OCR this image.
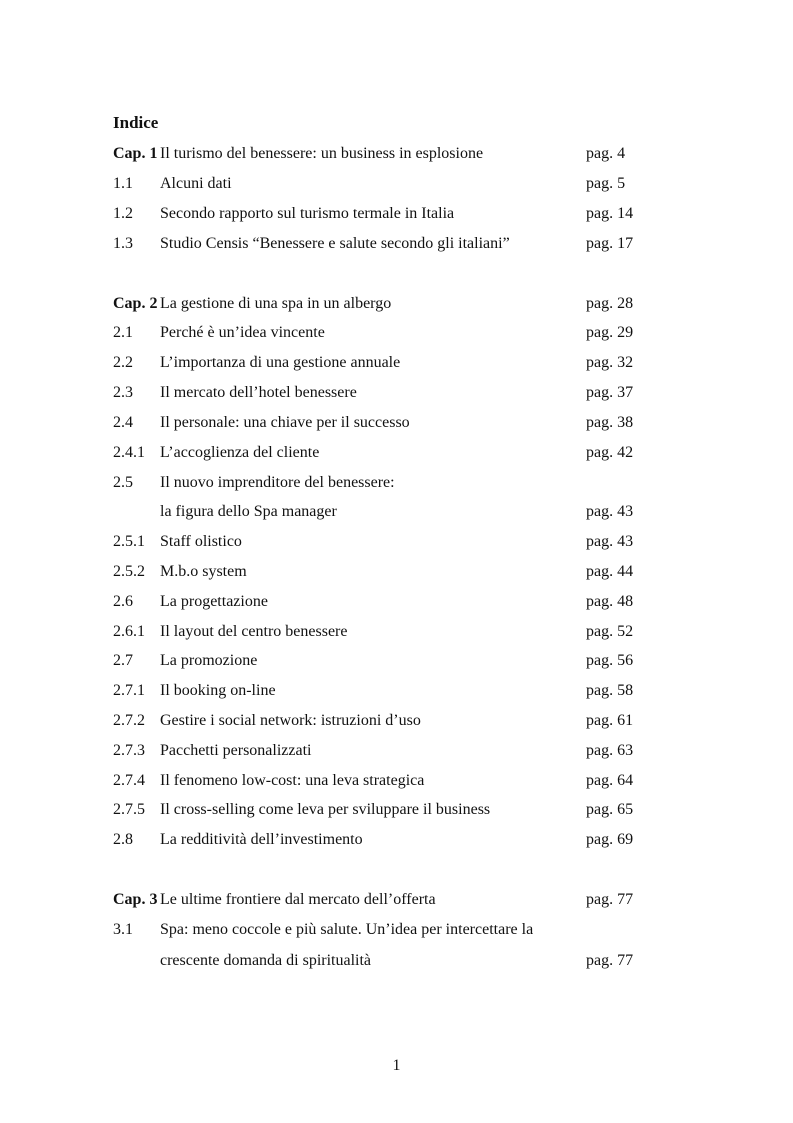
Indice
Cap. 1 Il turismo del benessere: un business in esplosione	pag. 4
1.1 Alcuni dati	pag. 5
1.2 Secondo rapporto sul turismo termale in Italia	pag. 14
1.3 Studio Censis “Benessere e salute secondo gli italiani”	pag. 17
Cap. 2 La gestione di una spa in un albergo	pag. 28
2.1 Perché è un’idea vincente	pag. 29
2.2 L’importanza di una gestione annuale	pag. 32
2.3 Il mercato dell’hotel benessere	pag. 37
2.4 Il personale: una chiave per il successo	pag. 38
2.4.1 L’accoglienza del cliente	pag. 42
2.5 Il nuovo imprenditore del benessere:
la figura dello Spa manager	pag. 43
2.5.1 Staff olistico	pag. 43
2.5.2 M.b.o system	pag. 44
2.6 La progettazione	pag. 48
2.6.1 Il layout del centro benessere	pag. 52
2.7 La promozione	pag. 56
2.7.1 Il booking on-line	pag. 58
2.7.2 Gestire i social network: istruzioni d’uso	pag. 61
2.7.3 Pacchetti personalizzati	pag. 63
2.7.4 Il fenomeno low-cost: una leva strategica	pag. 64
2.7.5 Il cross-selling come leva per sviluppare il business	pag. 65
2.8 La redditività dell’investimento	pag. 69
Cap. 3 Le ultime frontiere dal mercato dell’offerta	pag. 77
3.1 Spa: meno coccole e più salute. Un’idea per intercettare la
crescente domanda di spiritualità	pag. 77
1
